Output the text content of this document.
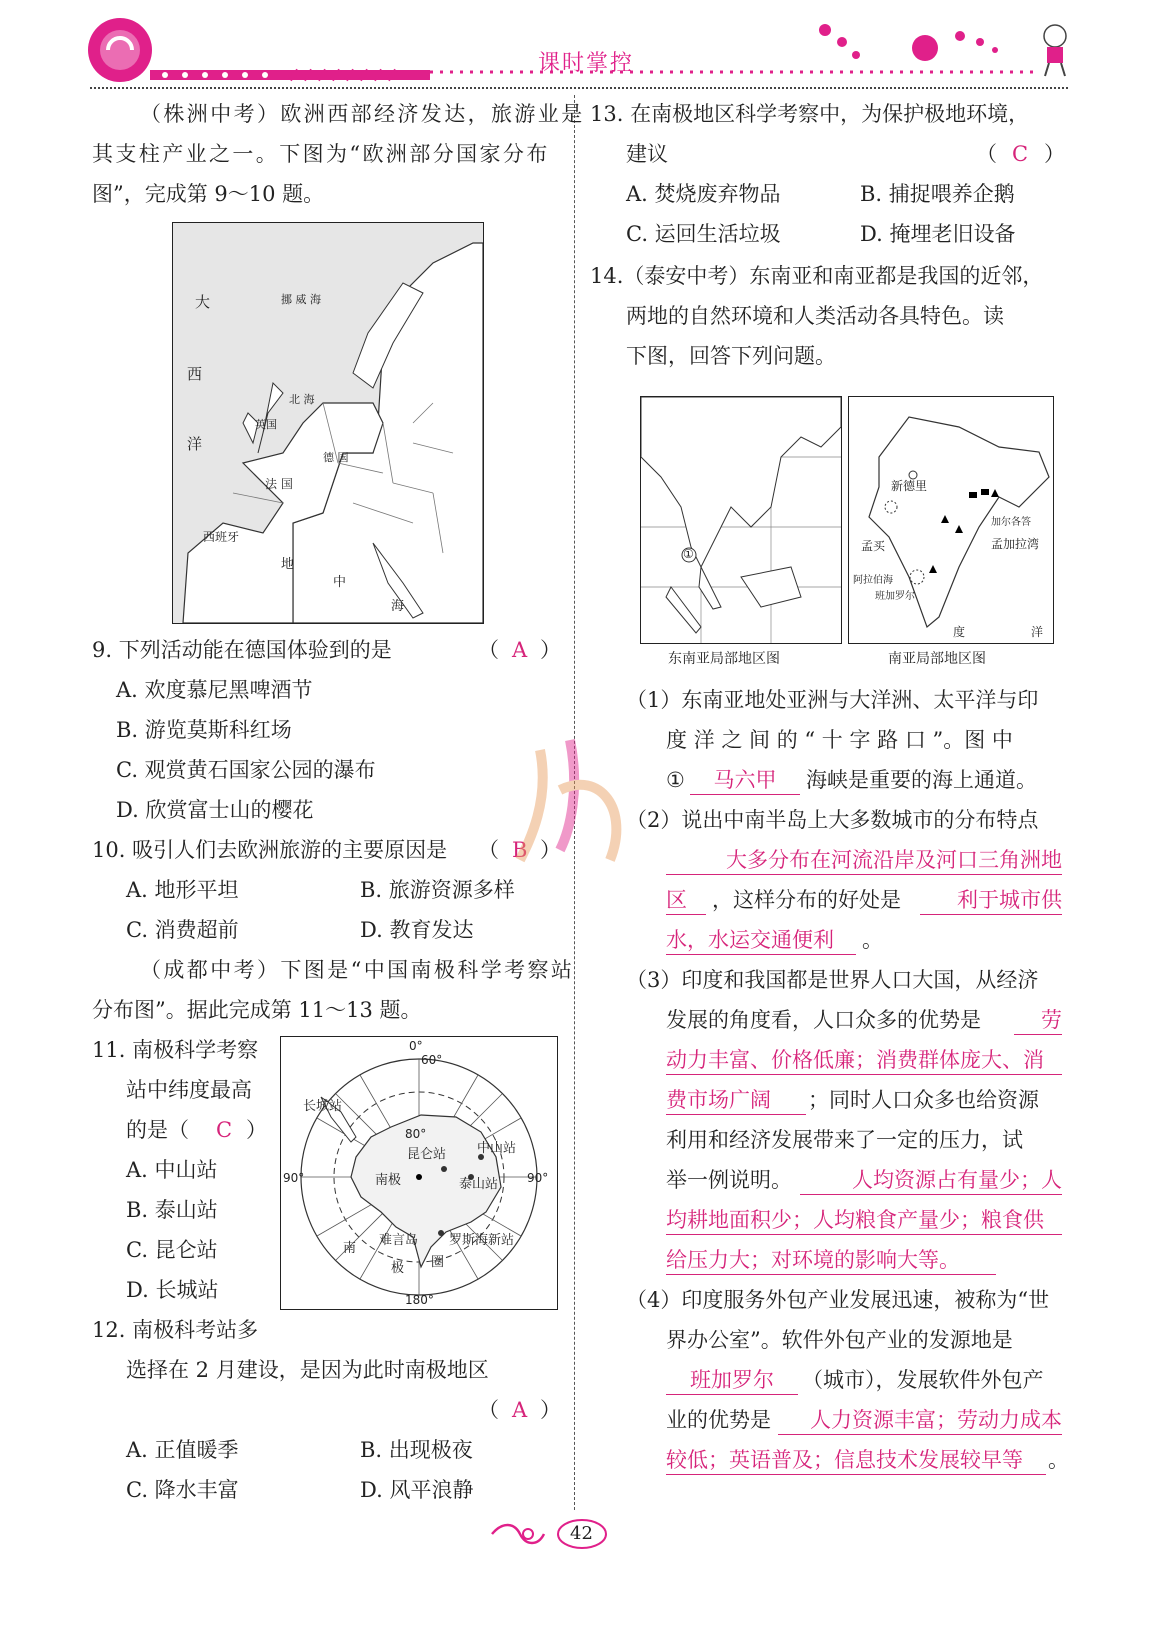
课时掌控
（株洲中考）欧洲西部经济发达，旅游业是
其支柱产业之一。下图为“欧洲部分国家分布
图”，完成第 9～10 题。
大
西
洋
挪 威 海
北 海
英国
德 国
法 国
西班牙
地
中
海
9. 下列活动能在德国体验到的是	（ A ）
A. 欢度慕尼黑啤酒节
B. 游览莫斯科红场
C. 观赏黄石国家公园的瀑布
D. 欣赏富士山的樱花
10. 吸引人们去欧洲旅游的主要原因是 （ B ）
A. 地形平坦	B. 旅游资源多样
C. 消费超前	D. 教育发达
（成都中考）下图是“中国南极科学考察站
分布图”。据此完成第 11～13 题。
11. 南极科学考察
站中纬度最高
的是（ C ）
A. 中山站
B. 泰山站
C. 昆仑站
D. 长城站
0°
60°
长城站
80°
昆仑站 中山站
90°	南极	泰山站 90°
难言岛 罗斯海新站
南
极 圈
180°
12. 南极科考站多
选择在 2 月建设，是因为此时南极地区
（ A ）
A. 正值暖季	B. 出现极夜
C. 降水丰富	D. 风平浪静
13. 在南极地区科学考察中，为保护极地环境，
建议	（ C ）
A. 焚烧废弃物品	B. 捕捉喂养企鹅
C. 运回生活垃圾	D. 掩埋老旧设备
14.（泰安中考）东南亚和南亚都是我国的近邻，
两地的自然环境和人类活动各具特色。读
下图，回答下列问题。
①
新德里
加尔各答
孟加拉湾
孟买
阿拉伯海
班加罗尔
度	洋
东南亚局部地区图	南亚局部地区图
（1）东南亚地处亚洲与大洋洲、太平洋与印
度 洋 之 间 的 “ 十 字 路 口 ”。图 中
①	马六甲	海峡是重要的海上通道。
（2）说出中南半岛上大多数城市的分布特点
大多分布在河流沿岸及河口三角洲地
区	，这样分布的好处是	利于城市供
水，水运交通便利	。
（3）印度和我国都是世界人口大国，从经济
发展的角度看，人口众多的优势是	劳
动力丰富、价格低廉；消费群体庞大、消
费市场广阔	；同时人口众多也给资源
利用和经济发展带来了一定的压力，试
举一例说明。	人均资源占有量少；人
均耕地面积少；人均粮食产量少；粮食供
给压力大；对环境的影响大等。
（4）印度服务外包产业发展迅速，被称为“世
界办公室”。软件外包产业的发源地是
班加罗尔	（城市），发展软件外包产
业的优势是	人力资源丰富；劳动力成本
较低；英语普及；信息技术发展较早等	。
42
